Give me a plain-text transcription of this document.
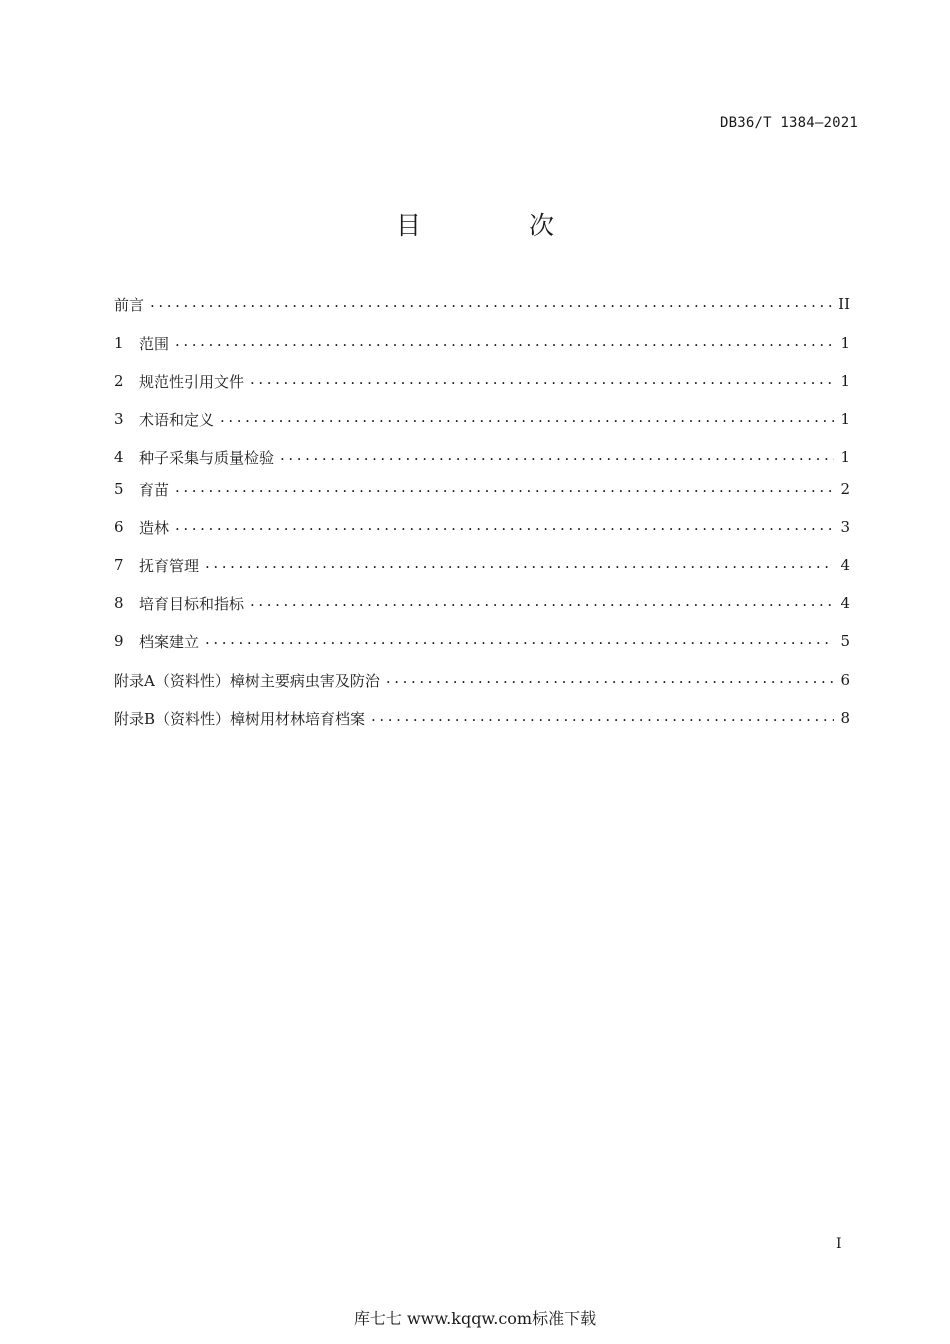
DB36/T 1384—2021
目 次
前言 .....	II
1	范围 .....	1
2	规范性引用文件 .....	1
3	术语和定义 .....	1
4	种子采集与质量检验 .....	1
5	育苗 .....	2
6	造林 .....	3
7	抚育管理 .....	4
8	培育目标和指标 .....	4
9	档案建立 .....	5
附录A（资料性）樟树主要病虫害及防治 .....	6
附录B（资料性）樟树用材林培育档案 .....	8
I
库七七 www.kqqw.com标准下载
